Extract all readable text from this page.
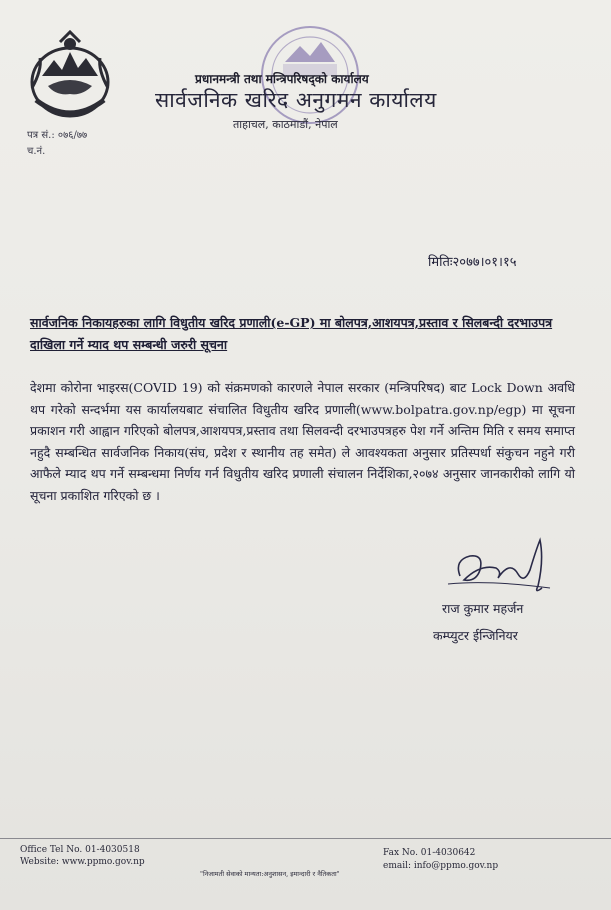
प्रधानमन्त्री तथा मन्त्रिपरिषद्को कार्यालय
सार्वजनिक खरिद अनुगमन कार्यालय
ताहाचल, काठमाडौं, नेपाल
पत्र सं.: ०७६/७७
च.नं.
मितिः२०७७।०१।१५
सार्वजनिक निकायहरुका लागि विधुतीय खरिद प्रणाली(e-GP) मा बोलपत्र,आशयपत्र,प्रस्ताव र सिलबन्दी दरभाउपत्र दाखिला गर्ने म्याद थप सम्बन्धी जरुरी सूचना
देशमा कोरोना भाइरस(COVID 19) को संक्रमणको कारणले नेपाल सरकार (मन्त्रिपरिषद) बाट Lock Down अवधि थप गरेको सन्दर्भमा यस कार्यालयबाट संचालित विधुतीय खरिद प्रणाली(www.bolpatra.gov.np/egp) मा सूचना प्रकाशन गरी आह्वान गरिएको बोलपत्र,आशयपत्र,प्रस्ताव तथा सिलवन्दी दरभाउपत्रहरु पेश गर्ने अन्तिम मिति र समय समाप्त नहुदै सम्बन्धित सार्वजनिक निकाय(संघ, प्रदेश र स्थानीय तह समेत) ले आवश्यकता अनुसार प्रतिस्पर्धा संकुचन नहुने गरी आफैले म्याद थप गर्ने सम्बन्धमा निर्णय गर्न विधुतीय खरिद प्रणाली संचालन निर्देशिका,२०७४ अनुसार जानकारीको लागि यो सूचना प्रकाशित गरिएको छ ।
राज कुमार महर्जन
कम्प्युटर ईन्जिनियर
Office Tel No. 01-4030518
Website: www.ppmo.gov.np
Fax No. 01-4030642
email: info@ppmo.gov.np
"निजामती सेवाको मान्यता:अनुशासन, इमान्दारी र नैतिकता"
